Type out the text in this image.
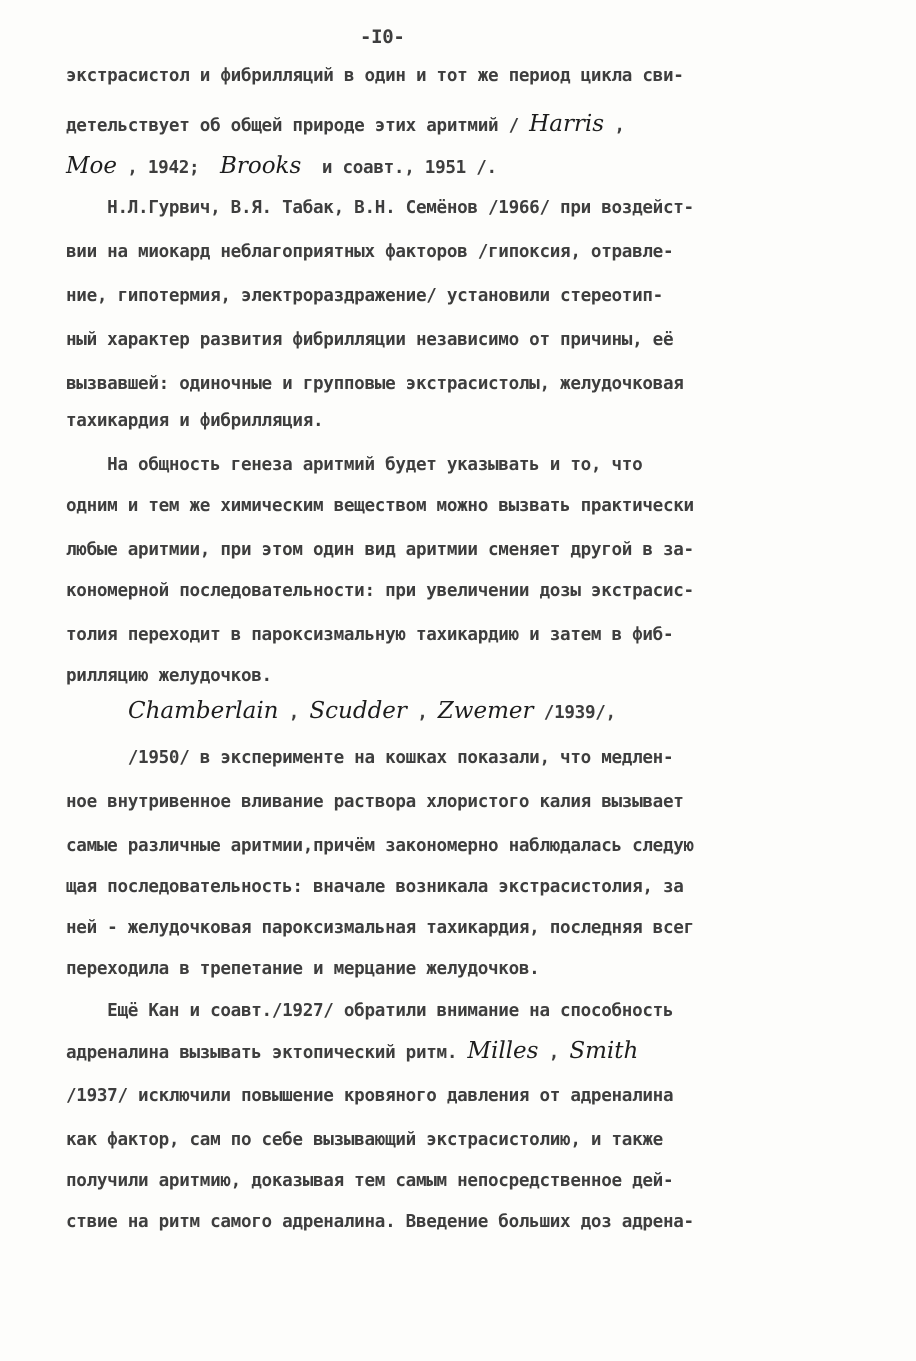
-I0-
экстрасистол и фибрилляций в один и тот же период цикла сви-
детельствует об общей природе этих аритмий / Harris ,
Moe , 1942; Brooks  и соавт., 1951 /.
Н.Л.Гурвич, В.Я. Табак, В.Н. Семёнов /1966/ при воздейст-
вии на миокард неблагоприятных факторов /гипоксия, отравле-
ние, гипотермия, электрораздражение/ установили стереотип-
ный характер развития фибрилляции независимо от причины, её
вызвавшей: одиночные и групповые экстрасистолы, желудочковая
тахикардия и фибрилляция.
На общность генеза аритмий будет указывать и то, что
одним и тем же химическим веществом можно вызвать практически
любые аритмии, при этом один вид аритмии сменяет другой в за-
кономерной последовательности: при увеличении дозы экстрасис-
толия переходит в пароксизмальную тахикардию и затем в фиб-
рилляцию желудочков.
Chamberlain , Scudder , Zwemer /1939/,
/1950/ в эксперименте на кошках показали, что медлен-
ное внутривенное вливание раствора хлористого калия вызывает
самые различные аритмии,причём закономерно наблюдалась следую
щая последовательность: вначале возникала экстрасистолия, за
ней - желудочковая пароксизмальная тахикардия, последняя всег
переходила в трепетание и мерцание желудочков.
Ещё Кан и соавт./1927/ обратили внимание на способность
адреналина вызывать эктопический ритм. Milles , Smith
/1937/ исключили повышение кровяного давления от адреналина
как фактор, сам по себе вызывающий экстрасистолию, и также
получили аритмию, доказывая тем самым непосредственное дей-
ствие на ритм самого адреналина. Введение больших доз адрена-
